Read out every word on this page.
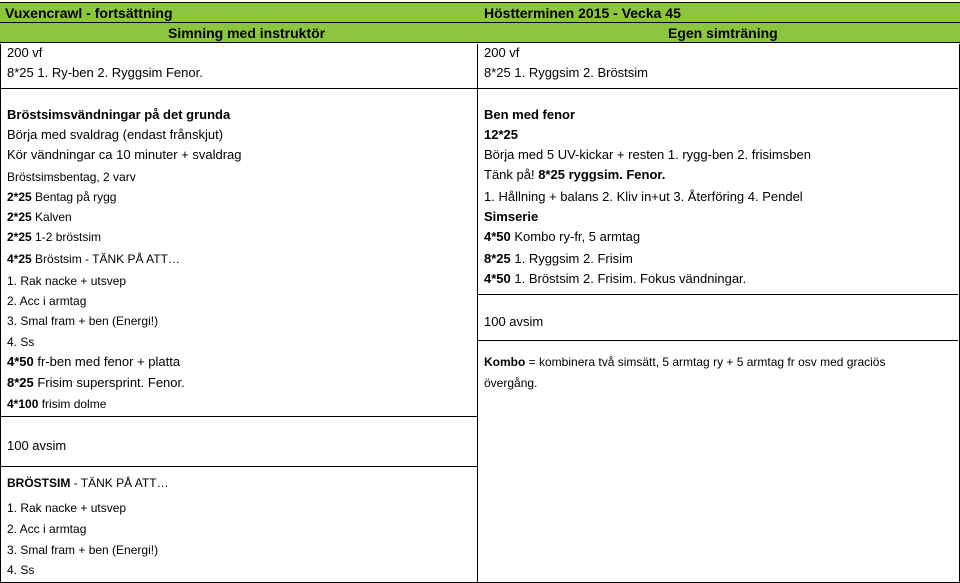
Vuxencrawl - fortsättning	Höstterminen 2015 - Vecka 45
Simning med instruktör	Egen simträning
200 vf
8*25 1. Ry-ben 2. Ryggsim Fenor.
Bröstsimsvändningar på det grunda
Börja med svaldrag (endast frånskjut)
Kör vändningar ca 10 minuter + svaldrag
Bröstsimsbentag, 2 varv
2*25 Bentag på rygg
2*25 Kalven
2*25 1-2 bröstsim
4*25 Bröstsim - TÄNK PÅ ATT…
1. Rak nacke + utsvep
2. Acc i armtag
3. Smal fram + ben (Energi!)
4. Ss
4*50 fr-ben med fenor + platta
8*25 Frisim supersprint. Fenor.
4*100 frisim dolme
100 avsim
BRÖSTSIM - TÄNK PÅ ATT…
1. Rak nacke + utsvep
2. Acc i armtag
3. Smal fram + ben (Energi!)
4. Ss
200 vf
8*25 1. Ryggsim 2. Bröstsim
Ben med fenor
12*25
Börja med 5 UV-kickar + resten 1. rygg-ben 2. frisimsben
Tänk på! 8*25 ryggsim. Fenor.
1. Hållning + balans 2. Kliv in+ut 3. Återföring 4. Pendel
Simserie
4*50 Kombo ry-fr, 5 armtag
8*25 1. Ryggsim 2. Frisim
4*50 1. Bröstsim 2. Frisim. Fokus vändningar.
100 avsim
Kombo = kombinera två simsätt, 5 armtag ry + 5 armtag fr osv med graciös
övergång.
